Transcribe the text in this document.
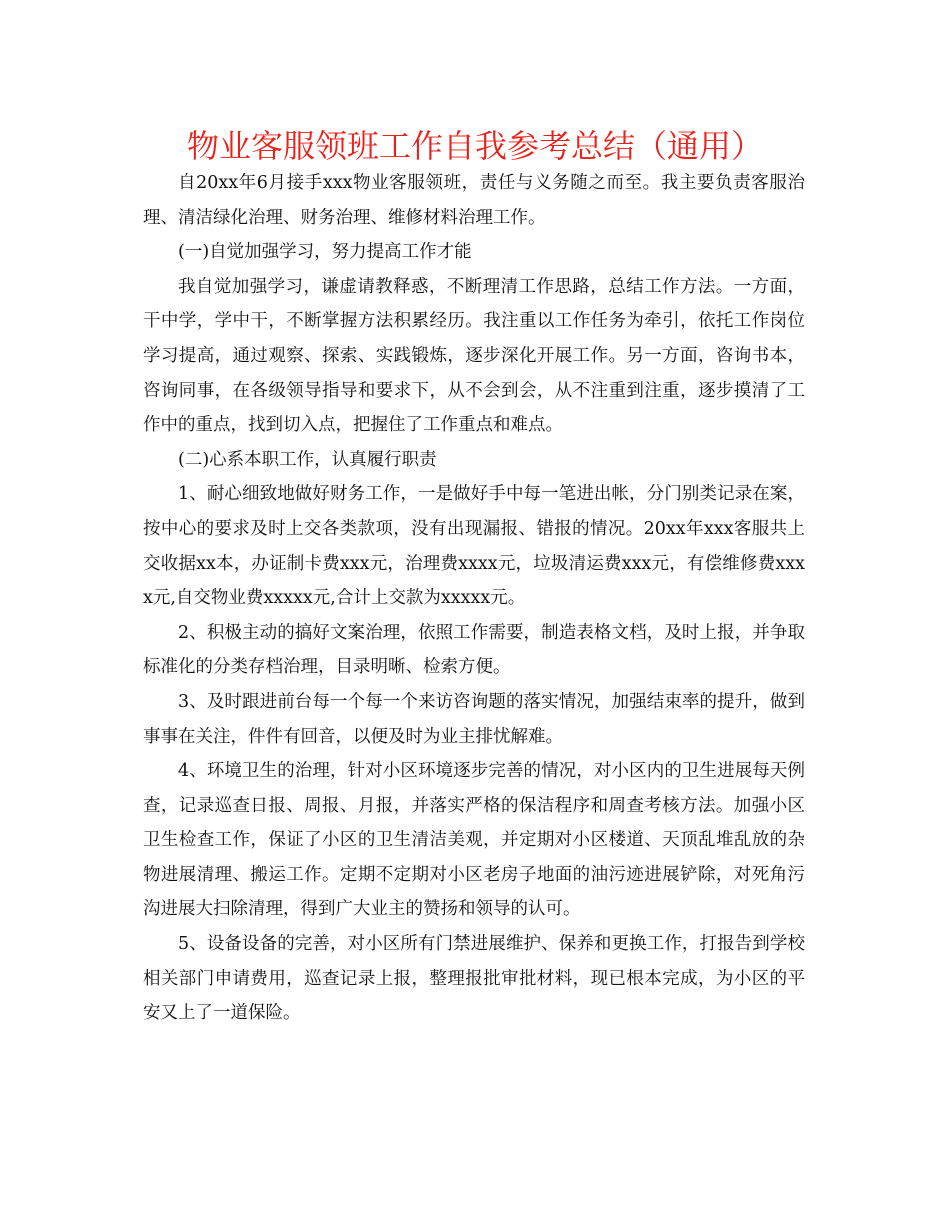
物业客服领班工作自我参考总结（通用）

自20xx年6月接手xxx物业客服领班，责任与义务随之而至。我主要负责客服治理、清洁绿化治理、财务治理、维修材料治理工作。

(一)自觉加强学习，努力提高工作才能

我自觉加强学习，谦虚请教释惑，不断理清工作思路，总结工作方法。一方面，干中学，学中干，不断掌握方法积累经历。我注重以工作任务为牵引，依托工作岗位学习提高，通过观察、探索、实践锻炼，逐步深化开展工作。另一方面，咨询书本，咨询同事，在各级领导指导和要求下，从不会到会，从不注重到注重，逐步摸清了工作中的重点，找到切入点，把握住了工作重点和难点。

(二)心系本职工作，认真履行职责

1、耐心细致地做好财务工作，一是做好手中每一笔进出帐，分门别类记录在案，按中心的要求及时上交各类款项，没有出现漏报、错报的情况。20xx年xxx客服共上交收据xx本，办证制卡费xxx元，治理费xxxx元，垃圾清运费xxx元，有偿维修费xxxx元,自交物业费xxxxx元,合计上交款为xxxxx元。

2、积极主动的搞好文案治理，依照工作需要，制造表格文档，及时上报，并争取标准化的分类存档治理，目录明晰、检索方便。

3、及时跟进前台每一个每一个来访咨询题的落实情况，加强结束率的提升，做到事事在关注，件件有回音，以便及时为业主排忧解难。

4、环境卫生的治理，针对小区环境逐步完善的情况，对小区内的卫生进展每天例查，记录巡查日报、周报、月报，并落实严格的保洁程序和周查考核方法。加强小区卫生检查工作，保证了小区的卫生清洁美观，并定期对小区楼道、天顶乱堆乱放的杂物进展清理、搬运工作。定期不定期对小区老房子地面的油污迹进展铲除，对死角污沟进展大扫除清理，得到广大业主的赞扬和领导的认可。

5、设备设备的完善，对小区所有门禁进展维护、保养和更换工作，打报告到学校相关部门申请费用，巡查记录上报，整理报批审批材料，现已根本完成，为小区的平安又上了一道保险。
